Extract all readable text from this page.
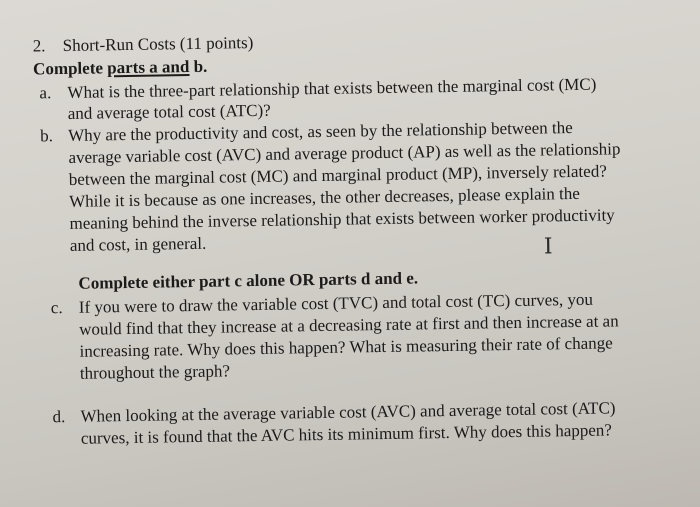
2. Short-Run Costs (11 points)
Complete parts a and b.
a. What is the three-part relationship that exists between the marginal cost (MC)
and average total cost (ATC)?
b. Why are the productivity and cost, as seen by the relationship between the
average variable cost (AVC) and average product (AP) as well as the relationship
between the marginal cost (MC) and marginal product (MP), inversely related?
While it is because as one increases, the other decreases, please explain the
meaning behind the inverse relationship that exists between worker productivity
and cost, in general.	I
Complete either part c alone OR parts d and e.
c. If you were to draw the variable cost (TVC) and total cost (TC) curves, you
would find that they increase at a decreasing rate at first and then increase at an
increasing rate. Why does this happen? What is measuring their rate of change
throughout the graph?
d. When looking at the average variable cost (AVC) and average total cost (ATC)
curves, it is found that the AVC hits its minimum first. Why does this happen?
